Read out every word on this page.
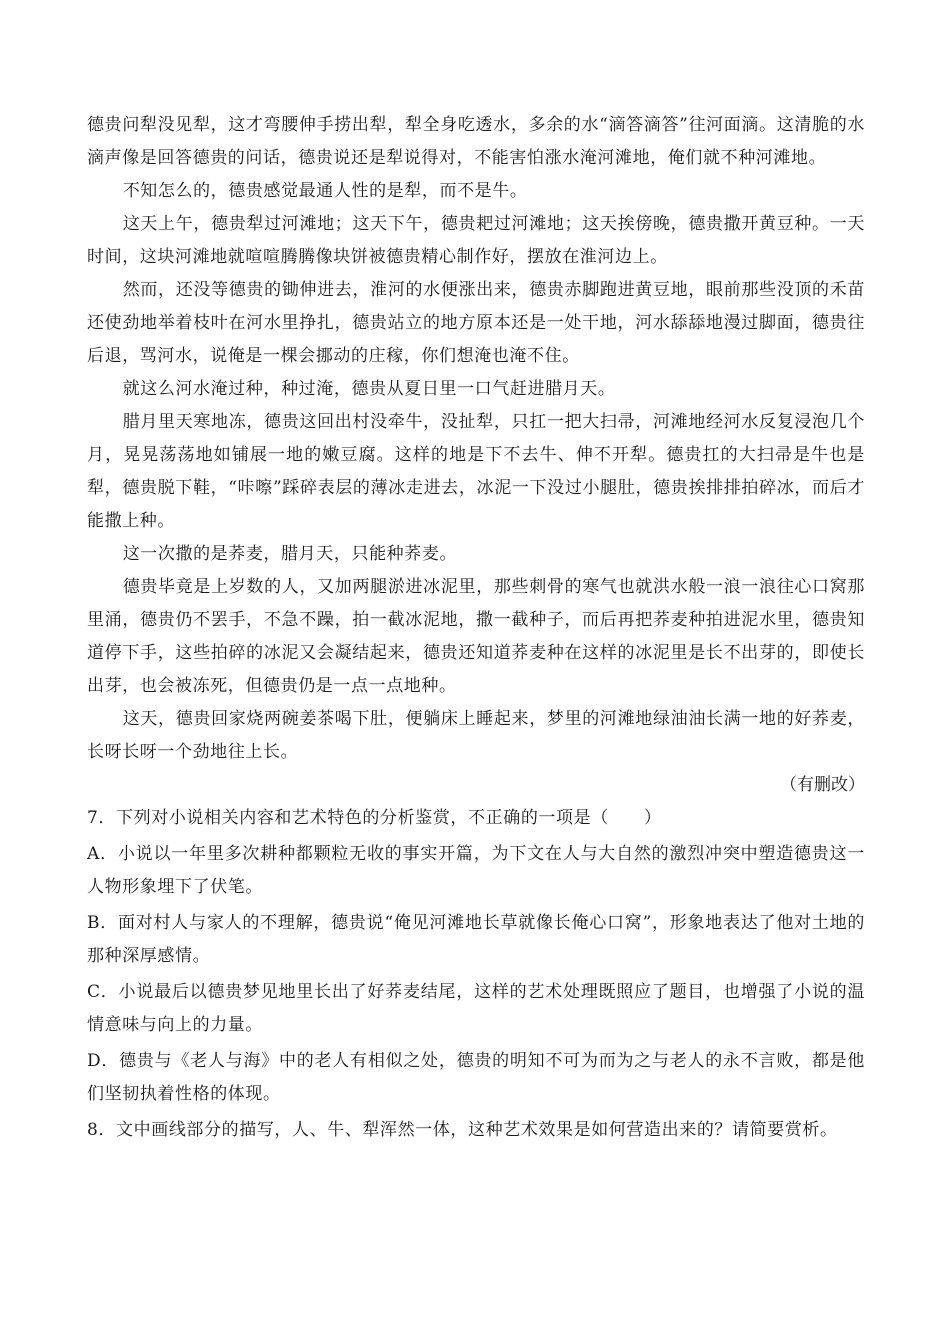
德贵问犁没见犁，这才弯腰伸手捞出犁，犁全身吃透水，多余的水“滴答滴答”往河面滴。这清脆的水滴声像是回答德贵的问话，德贵说还是犁说得对，不能害怕涨水淹河滩地，俺们就不种河滩地。

不知怎么的，德贵感觉最通人性的是犁，而不是牛。

这天上午，德贵犁过河滩地；这天下午，德贵耙过河滩地；这天挨傍晚，德贵撒开黄豆种。一天时间，这块河滩地就喧喧腾腾像块饼被德贵精心制作好，摆放在淮河边上。

然而，还没等德贵的锄伸进去，淮河的水便涨出来，德贵赤脚跑进黄豆地，眼前那些没顶的禾苗还使劲地举着枝叶在河水里挣扎，德贵站立的地方原本还是一处干地，河水舔舔地漫过脚面，德贵往后退，骂河水，说俺是一棵会挪动的庄稼，你们想淹也淹不住。

就这么河水淹过种，种过淹，德贵从夏日里一口气赶进腊月天。

腊月里天寒地冻，德贵这回出村没牵牛，没扯犁，只扛一把大扫帚，河滩地经河水反复浸泡几个月，晃晃荡荡地如铺展一地的嫩豆腐。这样的地是下不去牛、伸不开犁。德贵扛的大扫帚是牛也是犁，德贵脱下鞋，“咔嚓”踩碎表层的薄冰走进去，冰泥一下没过小腿肚，德贵挨排排拍碎冰，而后才能撒上种。

这一次撒的是荞麦，腊月天，只能种荞麦。

德贵毕竟是上岁数的人，又加两腿淤进冰泥里，那些刺骨的寒气也就洪水般一浪一浪往心口窝那里涌，德贵仍不罢手，不急不躁，拍一截冰泥地，撒一截种子，而后再把荞麦种拍进泥水里，德贵知道停下手，这些拍碎的冰泥又会凝结起来，德贵还知道荞麦种在这样的冰泥里是长不出芽的，即使长出芽，也会被冻死，但德贵仍是一点一点地种。

这天，德贵回家烧两碗姜茶喝下肚，便躺床上睡起来，梦里的河滩地绿油油长满一地的好荞麦，长呀长呀一个劲地往上长。

（有删改）

7．下列对小说相关内容和艺术特色的分析鉴赏，不正确的一项是（　　）

A．小说以一年里多次耕种都颗粒无收的事实开篇，为下文在人与大自然的激烈冲突中塑造德贵这一人物形象埋下了伏笔。

B．面对村人与家人的不理解，德贵说“俺见河滩地长草就像长俺心口窝”，形象地表达了他对土地的那种深厚感情。

C．小说最后以德贵梦见地里长出了好荞麦结尾，这样的艺术处理既照应了题目，也增强了小说的温情意味与向上的力量。

D．德贵与《老人与海》中的老人有相似之处，德贵的明知不可为而为之与老人的永不言败，都是他们坚韧执着性格的体现。

8．文中画线部分的描写，人、牛、犁浑然一体，这种艺术效果是如何营造出来的？请简要赏析。
